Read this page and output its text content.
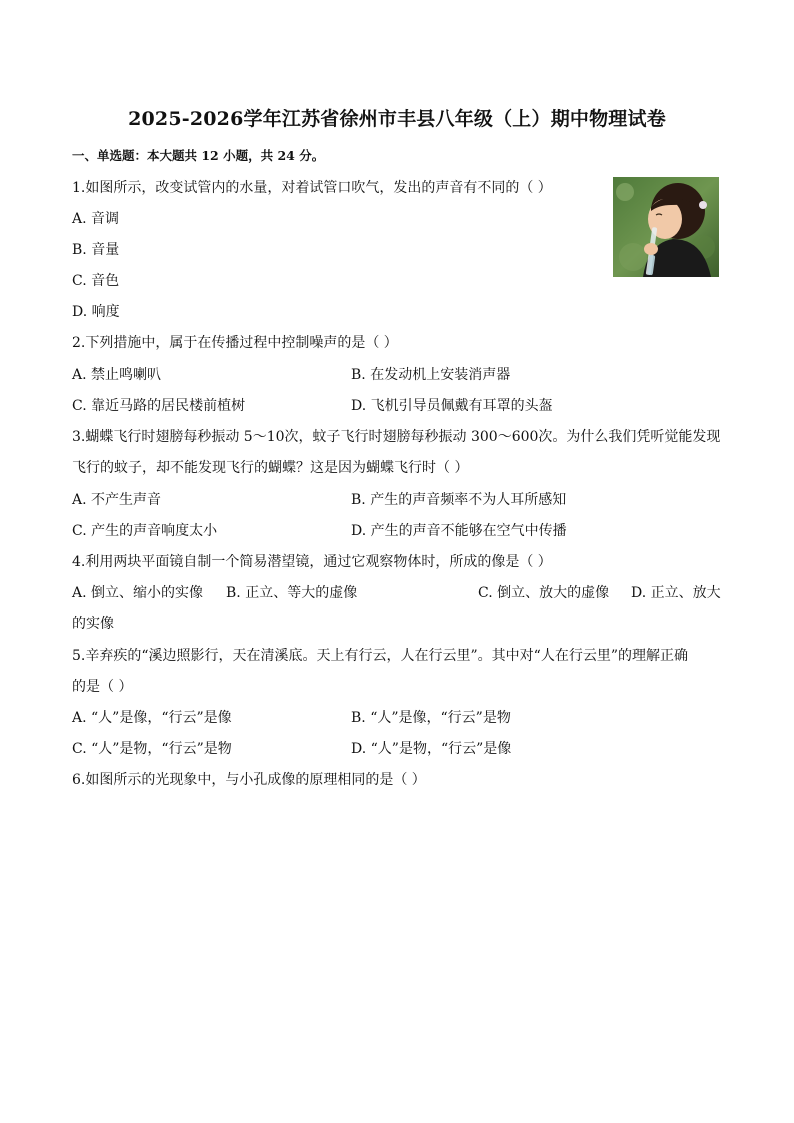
2025-2026学年江苏省徐州市丰县八年级（上）期中物理试卷
一、单选题：本大题共 12 小题，共 24 分。
1.如图所示，改变试管内的水量，对着试管口吹气，发出的声音有不同的（ ）
A. 音调
B. 音量
C. 音色
D. 响度
2.下列措施中，属于在传播过程中控制噪声的是（ ）
A. 禁止鸣喇叭	B. 在发动机上安装消声器
C. 靠近马路的居民楼前植树	D. 飞机引导员佩戴有耳罩的头盔
3.蝴蝶飞行时翅膀每秒振动 5～10次，蚊子飞行时翅膀每秒振动 300～600次。为什么我们凭听觉能发现
飞行的蚊子，却不能发现飞行的蝴蝶？这是因为蝴蝶飞行时（ ）
A. 不产生声音	B. 产生的声音频率不为人耳所感知
C. 产生的声音响度太小	D. 产生的声音不能够在空气中传播
4.利用两块平面镜自制一个简易潜望镜，通过它观察物体时，所成的像是（ ）
A. 倒立、缩小的实像 B. 正立、等大的虚像	C. 倒立、放大的虚像 D. 正立、放大
的实像
5.辛弃疾的“溪边照影行，天在清溪底。天上有行云，人在行云里”。其中对“人在行云里”的理解正确
的是（ ）
A. “人”是像，“行云”是像	B. “人”是像，“行云”是物
C. “人”是物，“行云”是物	D. “人”是物，“行云”是像
6.如图所示的光现象中，与小孔成像的原理相同的是（ ）
